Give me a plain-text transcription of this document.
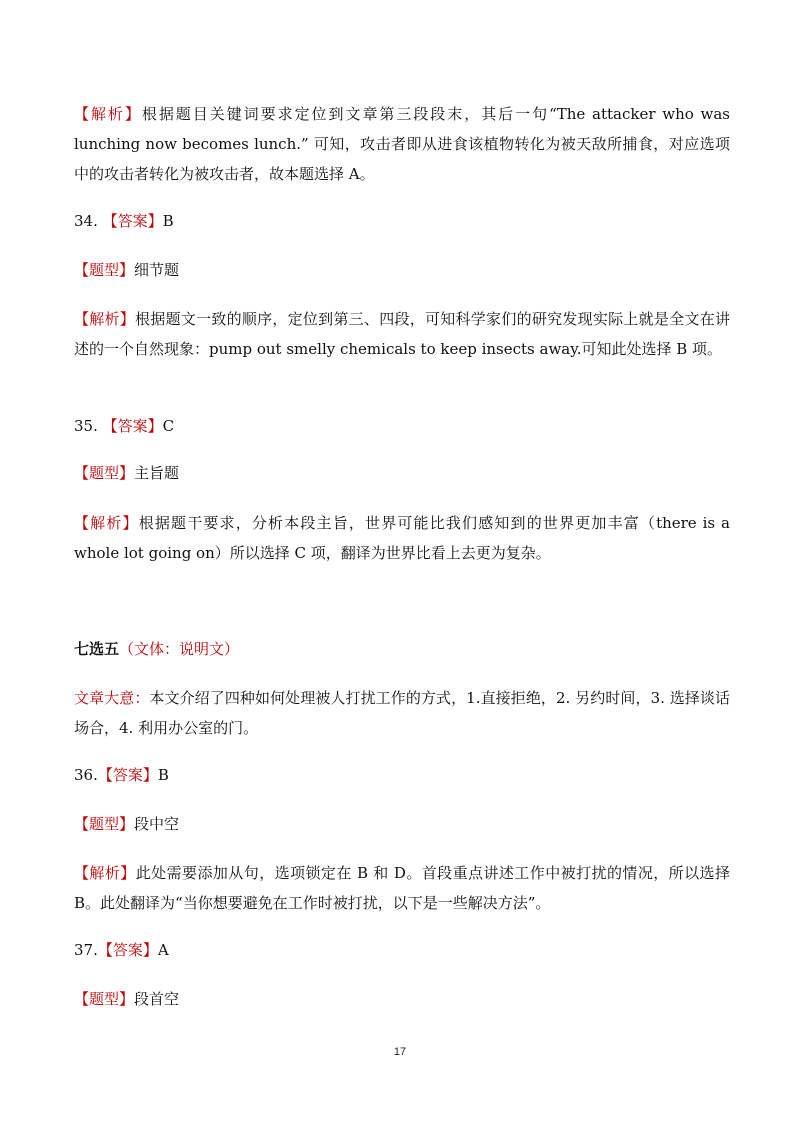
【解析】根据题目关键词要求定位到文章第三段段末，其后一句“The attacker who was lunching now becomes lunch.” 可知，攻击者即从进食该植物转化为被天敌所捕食，对应选项中的攻击者转化为被攻击者，故本题选择 A。

34. 【答案】B

【题型】细节题

【解析】根据题文一致的顺序，定位到第三、四段，可知科学家们的研究发现实际上就是全文在讲述的一个自然现象：pump out smelly chemicals to keep insects away.可知此处选择 B 项。

35. 【答案】C

【题型】主旨题

【解析】根据题干要求，分析本段主旨，世界可能比我们感知到的世界更加丰富（there is a whole lot going on）所以选择 C 项，翻译为世界比看上去更为复杂。

七选五（文体：说明文）

文章大意：本文介绍了四种如何处理被人打扰工作的方式，1.直接拒绝，2. 另约时间，3. 选择谈话场合，4. 利用办公室的门。

36.【答案】B

【题型】段中空

【解析】此处需要添加从句，选项锁定在 B 和 D。首段重点讲述工作中被打扰的情况，所以选择 B。此处翻译为“当你想要避免在工作时被打扰，以下是一些解决方法”。

37.【答案】A

【题型】段首空

17
